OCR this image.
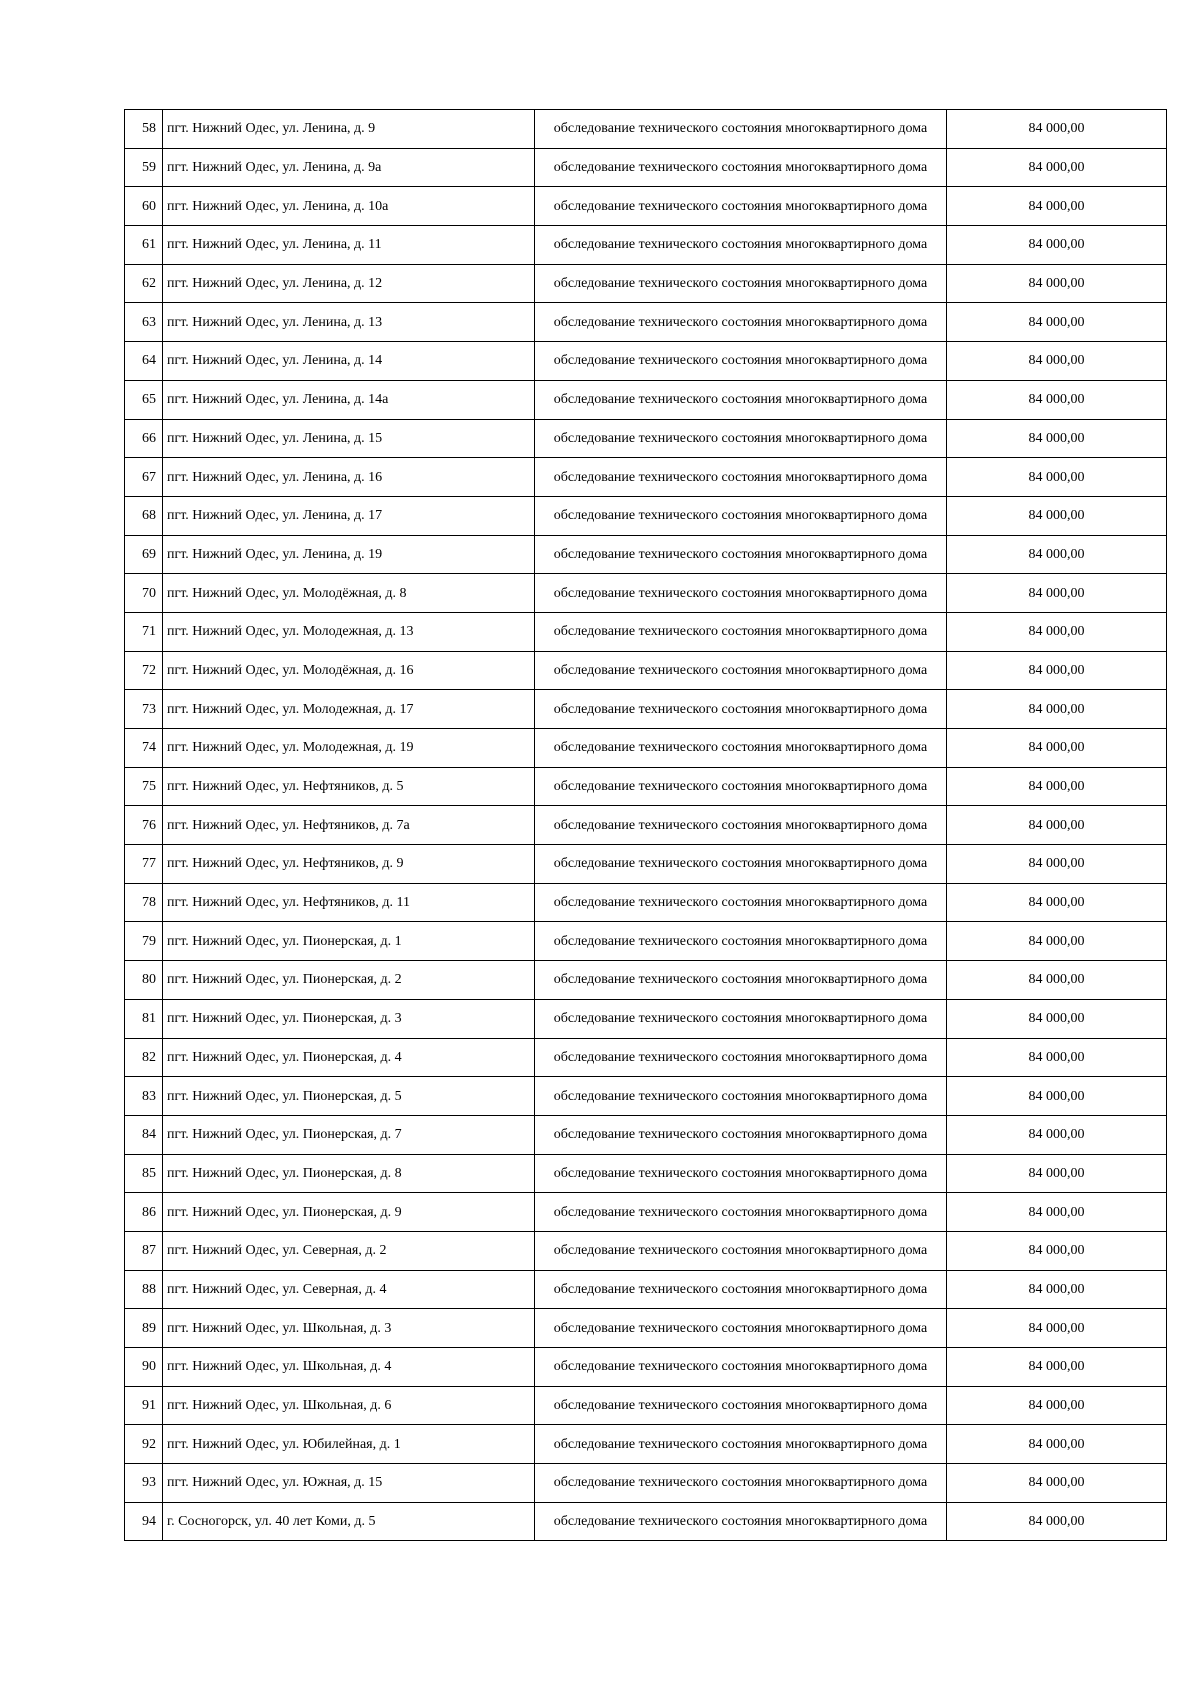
58	пгт. Нижний Одес, ул. Ленина, д. 9	обследование технического состояния многоквартирного дома	84 000,00
59	пгт. Нижний Одес, ул. Ленина, д. 9а	обследование технического состояния многоквартирного дома	84 000,00
60	пгт. Нижний Одес, ул. Ленина, д. 10а	обследование технического состояния многоквартирного дома	84 000,00
61	пгт. Нижний Одес, ул. Ленина, д. 11	обследование технического состояния многоквартирного дома	84 000,00
62	пгт. Нижний Одес, ул. Ленина, д. 12	обследование технического состояния многоквартирного дома	84 000,00
63	пгт. Нижний Одес, ул. Ленина, д. 13	обследование технического состояния многоквартирного дома	84 000,00
64	пгт. Нижний Одес, ул. Ленина, д. 14	обследование технического состояния многоквартирного дома	84 000,00
65	пгт. Нижний Одес, ул. Ленина, д. 14а	обследование технического состояния многоквартирного дома	84 000,00
66	пгт. Нижний Одес, ул. Ленина, д. 15	обследование технического состояния многоквартирного дома	84 000,00
67	пгт. Нижний Одес, ул. Ленина, д. 16	обследование технического состояния многоквартирного дома	84 000,00
68	пгт. Нижний Одес, ул. Ленина, д. 17	обследование технического состояния многоквартирного дома	84 000,00
69	пгт. Нижний Одес, ул. Ленина, д. 19	обследование технического состояния многоквартирного дома	84 000,00
70	пгт. Нижний Одес, ул. Молодёжная, д. 8	обследование технического состояния многоквартирного дома	84 000,00
71	пгт. Нижний Одес, ул. Молодежная, д. 13	обследование технического состояния многоквартирного дома	84 000,00
72	пгт. Нижний Одес, ул. Молодёжная, д. 16	обследование технического состояния многоквартирного дома	84 000,00
73	пгт. Нижний Одес, ул. Молодежная, д. 17	обследование технического состояния многоквартирного дома	84 000,00
74	пгт. Нижний Одес, ул. Молодежная, д. 19	обследование технического состояния многоквартирного дома	84 000,00
75	пгт. Нижний Одес, ул. Нефтяников, д. 5	обследование технического состояния многоквартирного дома	84 000,00
76	пгт. Нижний Одес, ул. Нефтяников, д. 7а	обследование технического состояния многоквартирного дома	84 000,00
77	пгт. Нижний Одес, ул. Нефтяников, д. 9	обследование технического состояния многоквартирного дома	84 000,00
78	пгт. Нижний Одес, ул. Нефтяников, д. 11	обследование технического состояния многоквартирного дома	84 000,00
79	пгт. Нижний Одес, ул. Пионерская, д. 1	обследование технического состояния многоквартирного дома	84 000,00
80	пгт. Нижний Одес, ул. Пионерская, д. 2	обследование технического состояния многоквартирного дома	84 000,00
81	пгт. Нижний Одес, ул. Пионерская, д. 3	обследование технического состояния многоквартирного дома	84 000,00
82	пгт. Нижний Одес, ул. Пионерская, д. 4	обследование технического состояния многоквартирного дома	84 000,00
83	пгт. Нижний Одес, ул. Пионерская, д. 5	обследование технического состояния многоквартирного дома	84 000,00
84	пгт. Нижний Одес, ул. Пионерская, д. 7	обследование технического состояния многоквартирного дома	84 000,00
85	пгт. Нижний Одес, ул. Пионерская, д. 8	обследование технического состояния многоквартирного дома	84 000,00
86	пгт. Нижний Одес, ул. Пионерская, д. 9	обследование технического состояния многоквартирного дома	84 000,00
87	пгт. Нижний Одес, ул. Северная, д. 2	обследование технического состояния многоквартирного дома	84 000,00
88	пгт. Нижний Одес, ул. Северная, д. 4	обследование технического состояния многоквартирного дома	84 000,00
89	пгт. Нижний Одес, ул. Школьная, д. 3	обследование технического состояния многоквартирного дома	84 000,00
90	пгт. Нижний Одес, ул. Школьная, д. 4	обследование технического состояния многоквартирного дома	84 000,00
91	пгт. Нижний Одес, ул. Школьная, д. 6	обследование технического состояния многоквартирного дома	84 000,00
92	пгт. Нижний Одес, ул. Юбилейная, д. 1	обследование технического состояния многоквартирного дома	84 000,00
93	пгт. Нижний Одес, ул. Южная, д. 15	обследование технического состояния многоквартирного дома	84 000,00
94	г. Сосногорск, ул. 40 лет Коми, д. 5	обследование технического состояния многоквартирного дома	84 000,00
